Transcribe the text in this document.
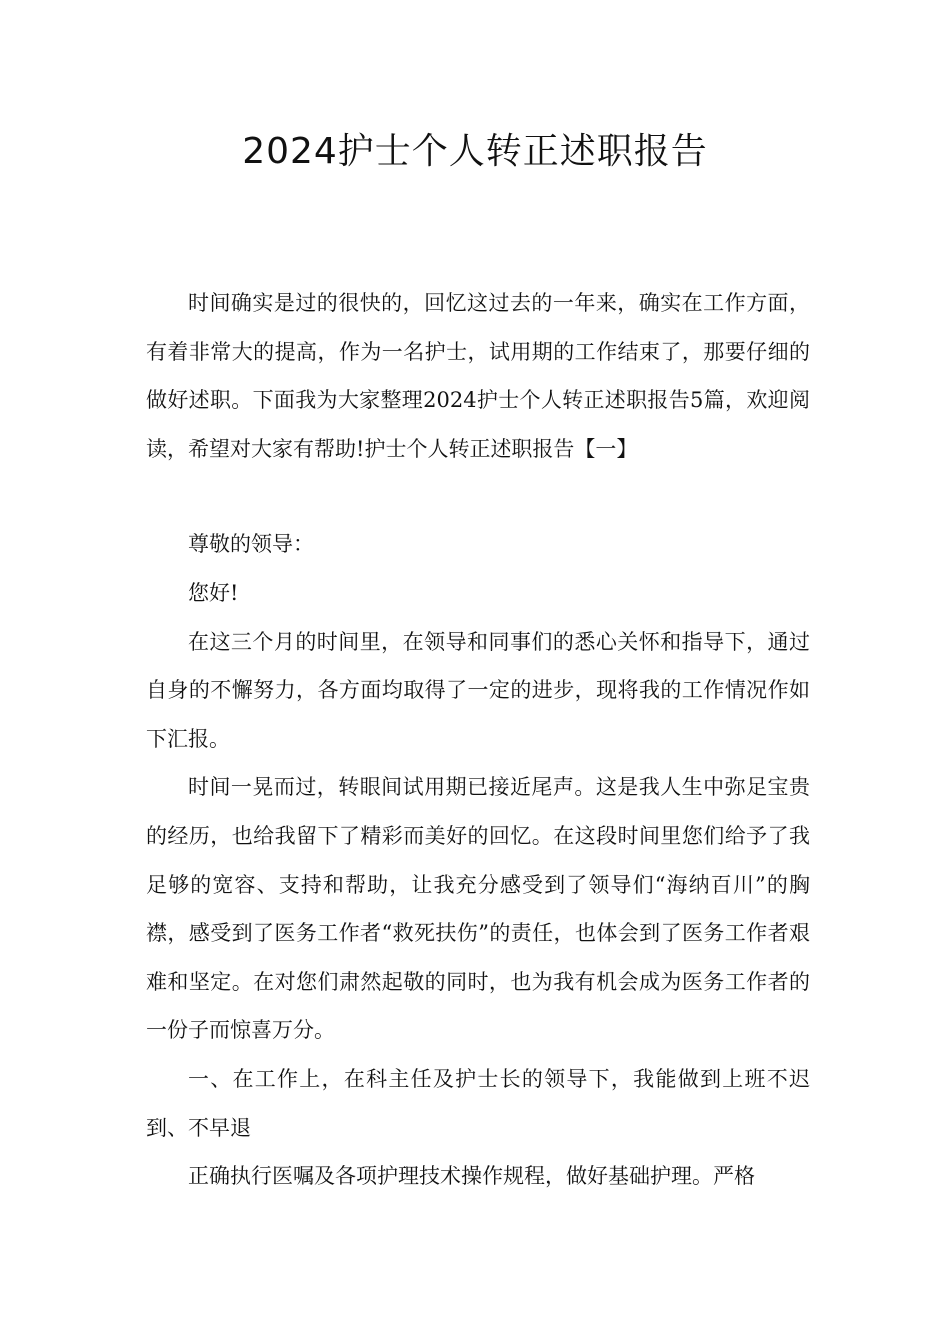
2024护士个人转正述职报告

时间确实是过的很快的，回忆这过去的一年来，确实在工作方面，有着非常大的提高，作为一名护士，试用期的工作结束了，那要仔细的做好述职。下面我为大家整理2024护士个人转正述职报告5篇，欢迎阅读，希望对大家有帮助!护士个人转正述职报告【一】

尊敬的领导：

您好!

在这三个月的时间里，在领导和同事们的悉心关怀和指导下，通过自身的不懈努力，各方面均取得了一定的进步，现将我的工作情况作如下汇报。

时间一晃而过，转眼间试用期已接近尾声。这是我人生中弥足宝贵的经历，也给我留下了精彩而美好的回忆。在这段时间里您们给予了我足够的宽容、支持和帮助，让我充分感受到了领导们“海纳百川”的胸襟，感受到了医务工作者“救死扶伤”的责任，也体会到了医务工作者艰难和坚定。在对您们肃然起敬的同时，也为我有机会成为医务工作者的一份子而惊喜万分。

一、在工作上，在科主任及护士长的领导下，我能做到上班不迟到、不早退

正确执行医嘱及各项护理技术操作规程，做好基础护理。严格
